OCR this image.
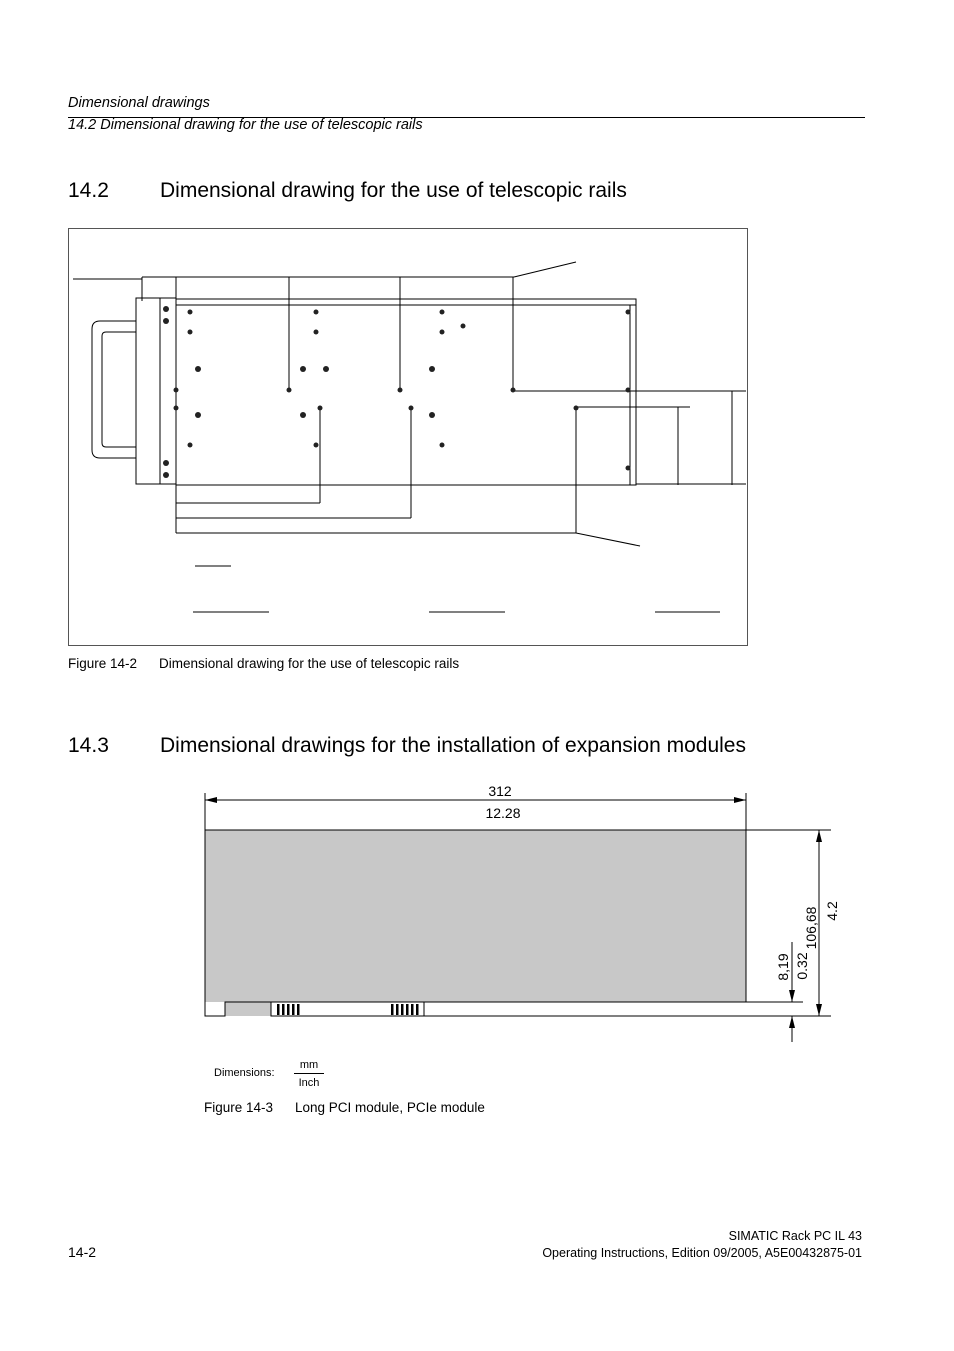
Dimensional drawings
14.2 Dimensional drawing for the use of telescopic rails
14.2 Dimensional drawing for the use of telescopic rails
Figure 14-2 Dimensional drawing for the use of telescopic rails
14.3 Dimensional drawings for the installation of expansion modules
312
12.28
106,68 4.2
8,19 0.32
Dimensions:
mm
Inch
Figure 14-3 Long PCI module, PCIe module
SIMATIC Rack PC IL 43
14-2	Operating Instructions, Edition 09/2005, A5E00432875-01
